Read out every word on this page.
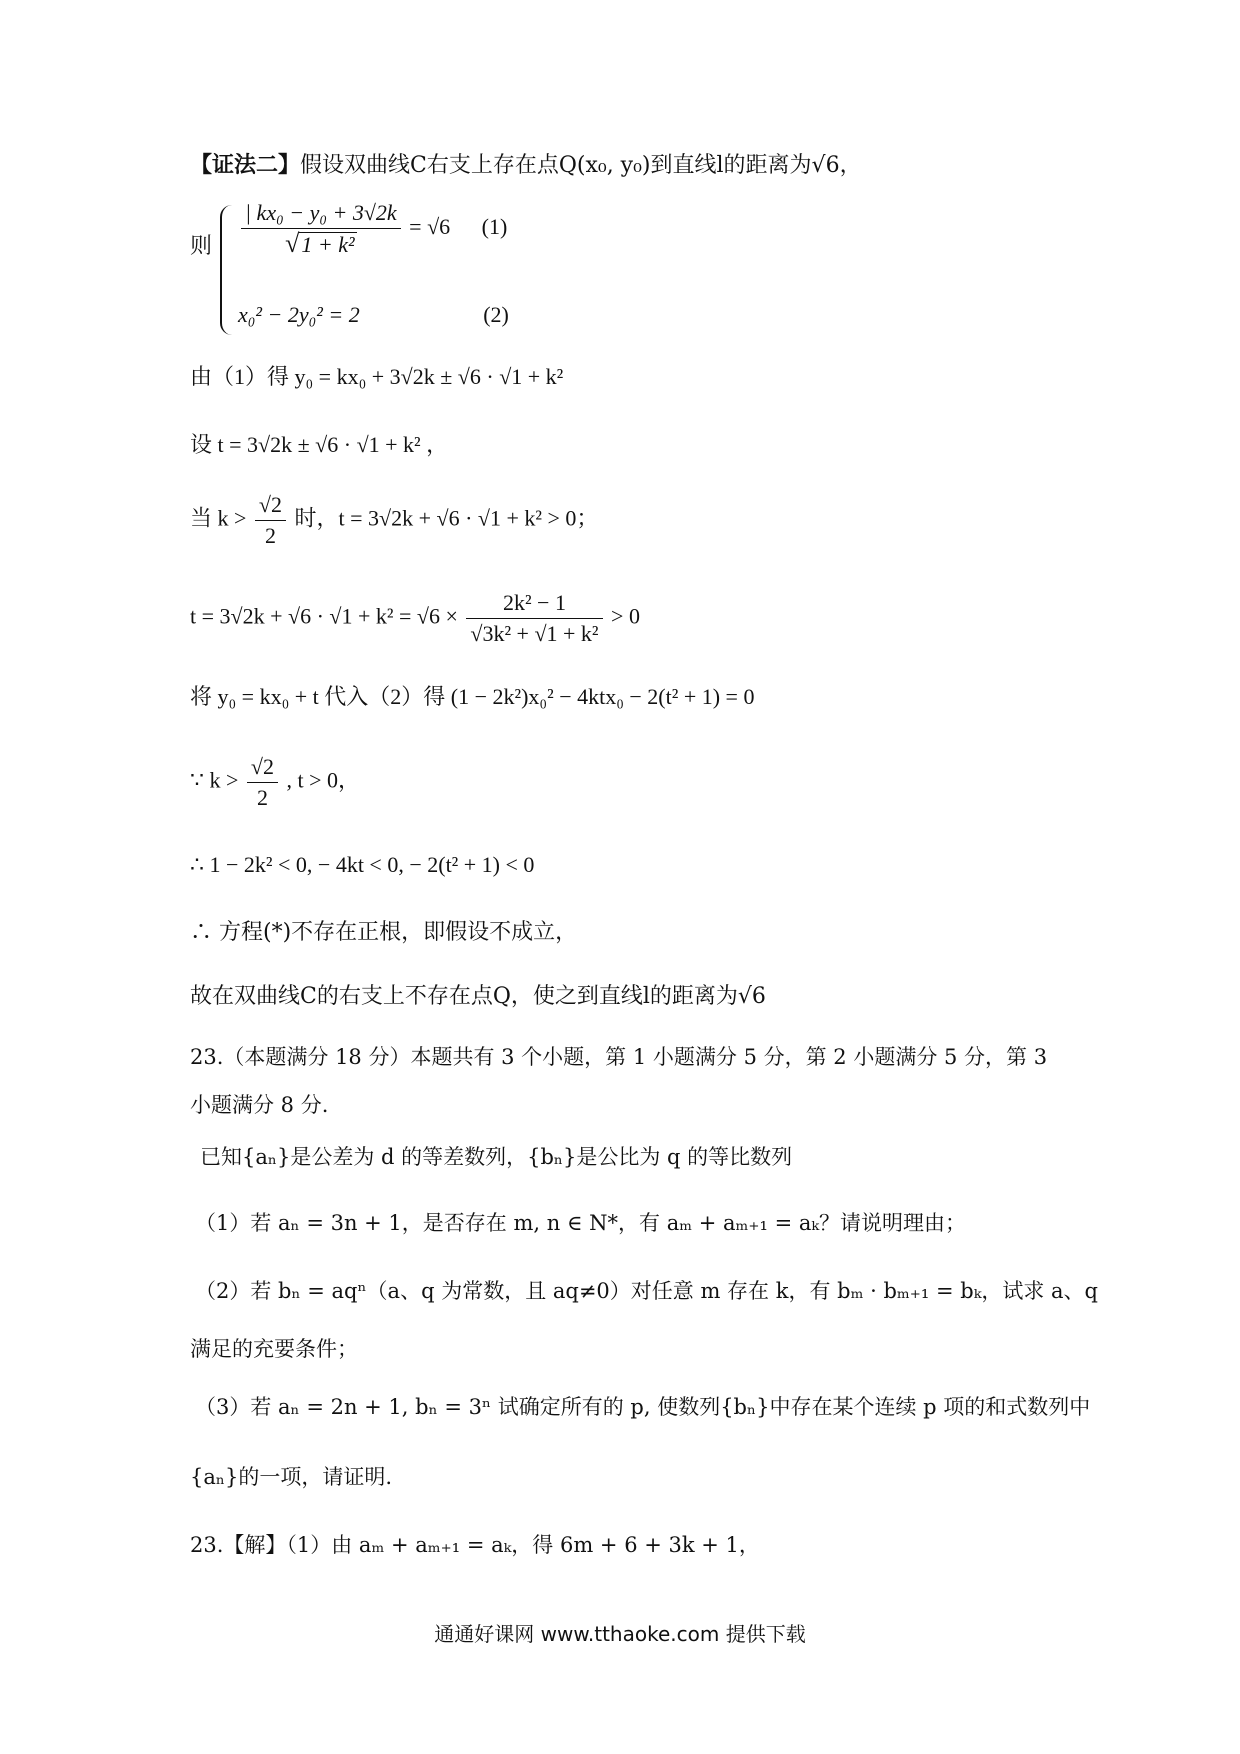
【证法二】假设双曲线C右支上存在点Q(x₀, y₀)到直线l的距离为√6，
则 $\frac{\text{| kx₀ − y₀ + 3√2k}}{\text{√1 + k²}} = √6$ (1)
x₀² − 2y₀² = 2	(2)
由（1）得 y₀ = kx₀ + 3√2k ± √6 · √1 + k²
设 t = 3√2k ± √6 · √1 + k² ，
当 $k > \frac{√2}{2}$ 时，t = 3√2k + √6 · √1 + k² > 0；
$t = 3√2k + √6 \cdot √1 + k^2 = √6 \times \frac{\text{2k² − 1}}{\text{√3k² + √1 + k²}} > 0$
将 y₀ = kx₀ + t 代入（2）得 (1 − 2k²)x₀² − 4ktx₀ − 2(t² + 1) = 0
∵ $k > \frac{√2}{2}$ , t > 0，
∴ 1 − 2k² < 0, − 4kt < 0, − 2(t² + 1) < 0
∴ 方程(*)不存在正根，即假设不成立，
故在双曲线C的右支上不存在点Q，使之到直线l的距离为√6
23.（本题满分 18 分）本题共有 3 个小题，第 1 小题满分 5 分，第 2 小题满分 5 分，第 3
小题满分 8 分.
已知{aₙ}是公差为 d 的等差数列，{bₙ}是公比为 q 的等比数列
（1）若 aₙ = 3n + 1，是否存在 m, n ∈ N*，有 aₘ + aₘ₊₁ = aₖ？请说明理由；
（2）若 bₙ = aqⁿ（a、q 为常数，且 aq≠0）对任意 m 存在 k，有 bₘ · bₘ₊₁ = bₖ，试求 a、q
满足的充要条件；
（3）若 aₙ = 2n + 1, bₙ = 3ⁿ 试确定所有的 p, 使数列{bₙ}中存在某个连续 p 项的和式数列中
{aₙ}的一项，请证明.
23.【解】（1）由 aₘ + aₘ₊₁ = aₖ，得 6m + 6 + 3k + 1，
通通好课网 www.tthaoke.com 提供下载
